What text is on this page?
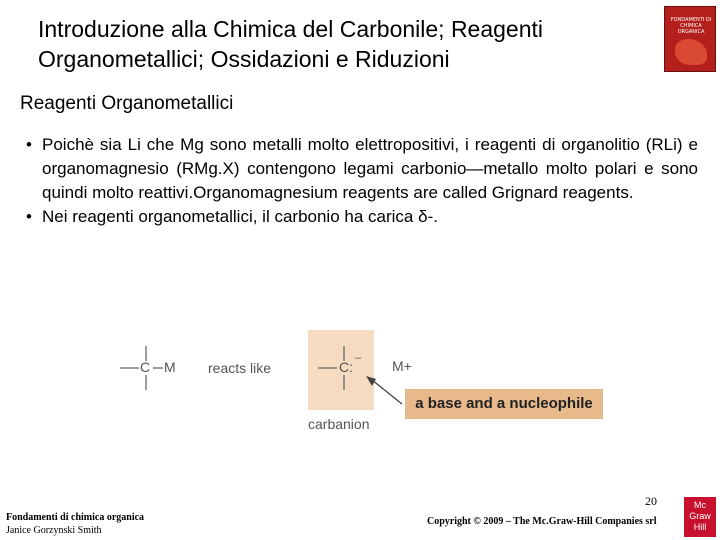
Introduzione alla Chimica del Carbonile; Reagenti
Organometallici; Ossidazioni e Riduzioni
FONDAMENTI DI CHIMICA ORGANICA
Reagenti Organometallici
• Poichè sia Li che Mg sono metalli molto elettropositivi, i reagenti di organolitio (RLi) e organomagnesio (RMg.X) contengono legami carbonio—metallo molto polari e sono quindi molto reattivi.Organomagnesium reagents are called Grignard reagents.
• Nei reagenti organometallici, il carbonio ha carica δ-.
C M reacts like	C:
– M+
carbanion
a base and a nucleophile
Fondamenti di chimica organica
Janice Gorzynski Smith
20
Copyright © 2009 – The Mc.Graw-Hill Companies srl
Mc Graw Hill
